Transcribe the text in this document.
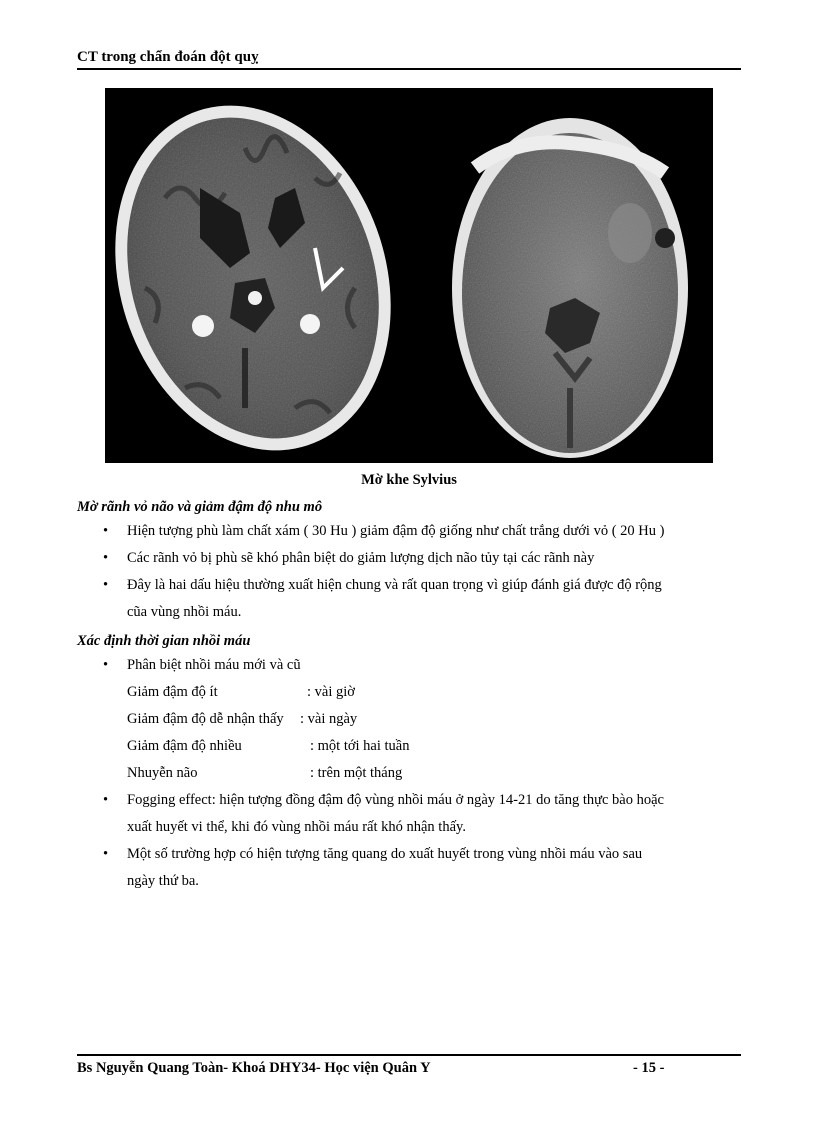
CT trong chẩn đoán đột quỵ
Mờ khe Sylvius
Mờ rãnh vỏ não và giảm đậm độ nhu mô
• Hiện tượng phù làm chất xám ( 30 Hu ) giảm đậm độ giống như chất trắng dưới vỏ ( 20 Hu )
• Các rãnh vỏ bị phù sẽ khó phân biệt do giảm lượng dịch não tủy tại các rãnh này
• Đây là hai dấu hiệu thường xuất hiện chung và rất quan trọng vì giúp đánh giá được độ rộng
cũa vùng nhồi máu.
Xác định thời gian nhồi máu
• Phân biệt nhồi máu mới và cũ
Giảm đậm độ ít	: vài giờ
Giảm đậm độ dễ nhận thấy : vài ngày
Giảm đậm độ nhiều	: một tới hai tuần
Nhuyễn não	: trên một tháng
• Fogging effect: hiện tượng đồng đậm độ vùng nhồi máu ở ngày 14-21 do tăng thực bào hoặc
xuất huyết vi thể, khi đó vùng nhồi máu rất khó nhận thấy.
• Một số trường hợp có hiện tượng tăng quang do xuất huyết trong vùng nhồi máu vào sau
ngày thứ ba.
Bs Nguyễn Quang Toàn- Khoá DHY34- Học viện Quân Y	- 15 -
